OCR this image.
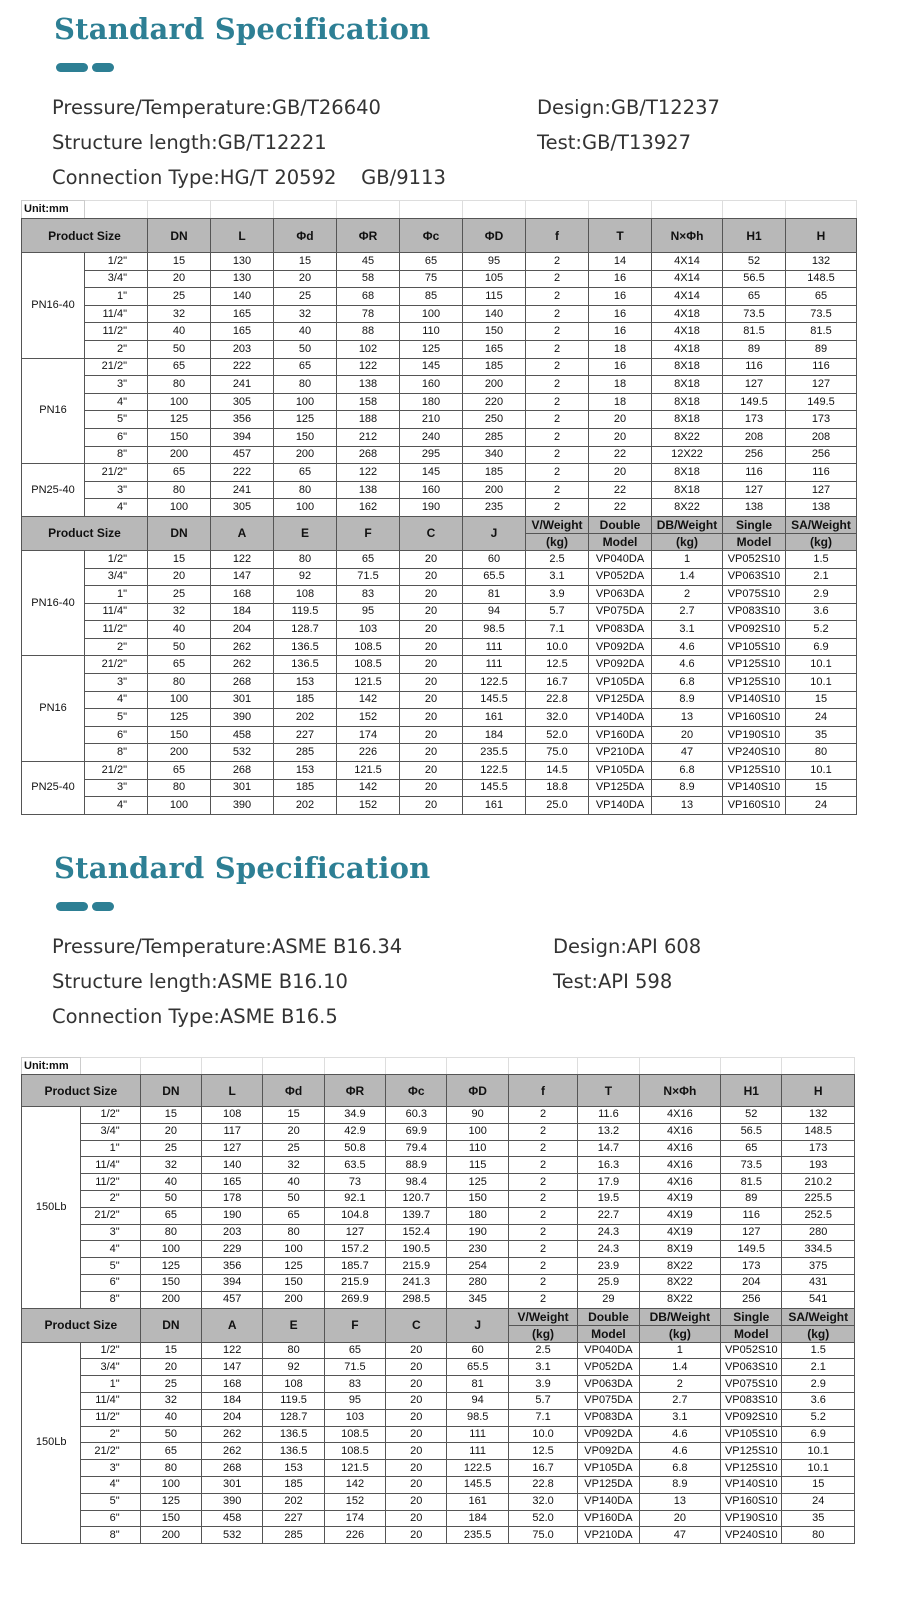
Standard Specification
Pressure/Temperature:GB/T26640	Design:GB/T12237
Structure length:GB/T12221	Test:GB/T13927
Connection Type:HG/T 20592    GB/9113
Unit:mm												
Product Size		DN	L	Φd	ΦR	Φc	ΦD	f	T	N×Φh	H1	H
PN16-40	1/2"	15	130	15	45	65	95	2	14	4X14	52	132
	3/4"	20	130	20	58	75	105	2	16	4X14	56.5	148.5
	1"	25	140	25	68	85	115	2	16	4X14	65	65
	11/4"	32	165	32	78	100	140	2	16	4X18	73.5	73.5
	11/2"	40	165	40	88	110	150	2	16	4X18	81.5	81.5
	2"	50	203	50	102	125	165	2	18	4X18	89	89
PN16	21/2"	65	222	65	122	145	185	2	16	8X18	116	116
	3"	80	241	80	138	160	200	2	18	8X18	127	127
	4"	100	305	100	158	180	220	2	18	8X18	149.5	149.5
	5"	125	356	125	188	210	250	2	20	8X18	173	173
	6"	150	394	150	212	240	285	2	20	8X22	208	208
	8"	200	457	200	268	295	340	2	22	12X22	256	256
PN25-40	21/2"	65	222	65	122	145	185	2	20	8X18	116	116
	3"	80	241	80	138	160	200	2	22	8X18	127	127
	4"	100	305	100	162	190	235	2	22	8X22	138	138
Product Size		DN	A	E	F	C	J	V/Weight	Double	DB/Weight	Single	SA/Weight
								(kg)	Model	(kg)	Model	(kg)
PN16-40	1/2"	15	122	80	65	20	60	2.5	VP040DA	1	VP052S10	1.5
	3/4"	20	147	92	71.5	20	65.5	3.1	VP052DA	1.4	VP063S10	2.1
	1"	25	168	108	83	20	81	3.9	VP063DA	2	VP075S10	2.9
	11/4"	32	184	119.5	95	20	94	5.7	VP075DA	2.7	VP083S10	3.6
	11/2"	40	204	128.7	103	20	98.5	7.1	VP083DA	3.1	VP092S10	5.2
	2"	50	262	136.5	108.5	20	111	10.0	VP092DA	4.6	VP105S10	6.9
PN16	21/2"	65	262	136.5	108.5	20	111	12.5	VP092DA	4.6	VP125S10	10.1
	3"	80	268	153	121.5	20	122.5	16.7	VP105DA	6.8	VP125S10	10.1
	4"	100	301	185	142	20	145.5	22.8	VP125DA	8.9	VP140S10	15
	5"	125	390	202	152	20	161	32.0	VP140DA	13	VP160S10	24
	6"	150	458	227	174	20	184	52.0	VP160DA	20	VP190S10	35
	8"	200	532	285	226	20	235.5	75.0	VP210DA	47	VP240S10	80
PN25-40	21/2"	65	268	153	121.5	20	122.5	14.5	VP105DA	6.8	VP125S10	10.1
	3"	80	301	185	142	20	145.5	18.8	VP125DA	8.9	VP140S10	15
	4"	100	390	202	152	20	161	25.0	VP140DA	13	VP160S10	24
Standard Specification
Pressure/Temperature:ASME B16.34	Design:API 608
Structure length:ASME B16.10	Test:API 598
Connection Type:ASME B16.5
Unit:mm												
Product Size		DN	L	Φd	ΦR	Φc	ΦD	f	T	N×Φh	H1	H
150Lb	1/2"	15	108	15	34.9	60.3	90	2	11.6	4X16	52	132
	3/4"	20	117	20	42.9	69.9	100	2	13.2	4X16	56.5	148.5
	1"	25	127	25	50.8	79.4	110	2	14.7	4X16	65	173
	11/4"	32	140	32	63.5	88.9	115	2	16.3	4X16	73.5	193
	11/2"	40	165	40	73	98.4	125	2	17.9	4X16	81.5	210.2
	2"	50	178	50	92.1	120.7	150	2	19.5	4X19	89	225.5
	21/2"	65	190	65	104.8	139.7	180	2	22.7	4X19	116	252.5
	3"	80	203	80	127	152.4	190	2	24.3	4X19	127	280
	4"	100	229	100	157.2	190.5	230	2	24.3	8X19	149.5	334.5
	5"	125	356	125	185.7	215.9	254	2	23.9	8X22	173	375
	6"	150	394	150	215.9	241.3	280	2	25.9	8X22	204	431
	8"	200	457	200	269.9	298.5	345	2	29	8X22	256	541
Product Size		DN	A	E	F	C	J	V/Weight	Double	DB/Weight	Single	SA/Weight
								(kg)	Model	(kg)	Model	(kg)
150Lb	1/2"	15	122	80	65	20	60	2.5	VP040DA	1	VP052S10	1.5
	3/4"	20	147	92	71.5	20	65.5	3.1	VP052DA	1.4	VP063S10	2.1
	1"	25	168	108	83	20	81	3.9	VP063DA	2	VP075S10	2.9
	11/4"	32	184	119.5	95	20	94	5.7	VP075DA	2.7	VP083S10	3.6
	11/2"	40	204	128.7	103	20	98.5	7.1	VP083DA	3.1	VP092S10	5.2
	2"	50	262	136.5	108.5	20	111	10.0	VP092DA	4.6	VP105S10	6.9
	21/2"	65	262	136.5	108.5	20	111	12.5	VP092DA	4.6	VP125S10	10.1
	3"	80	268	153	121.5	20	122.5	16.7	VP105DA	6.8	VP125S10	10.1
	4"	100	301	185	142	20	145.5	22.8	VP125DA	8.9	VP140S10	15
	5"	125	390	202	152	20	161	32.0	VP140DA	13	VP160S10	24
	6"	150	458	227	174	20	184	52.0	VP160DA	20	VP190S10	35
	8"	200	532	285	226	20	235.5	75.0	VP210DA	47	VP240S10	80
